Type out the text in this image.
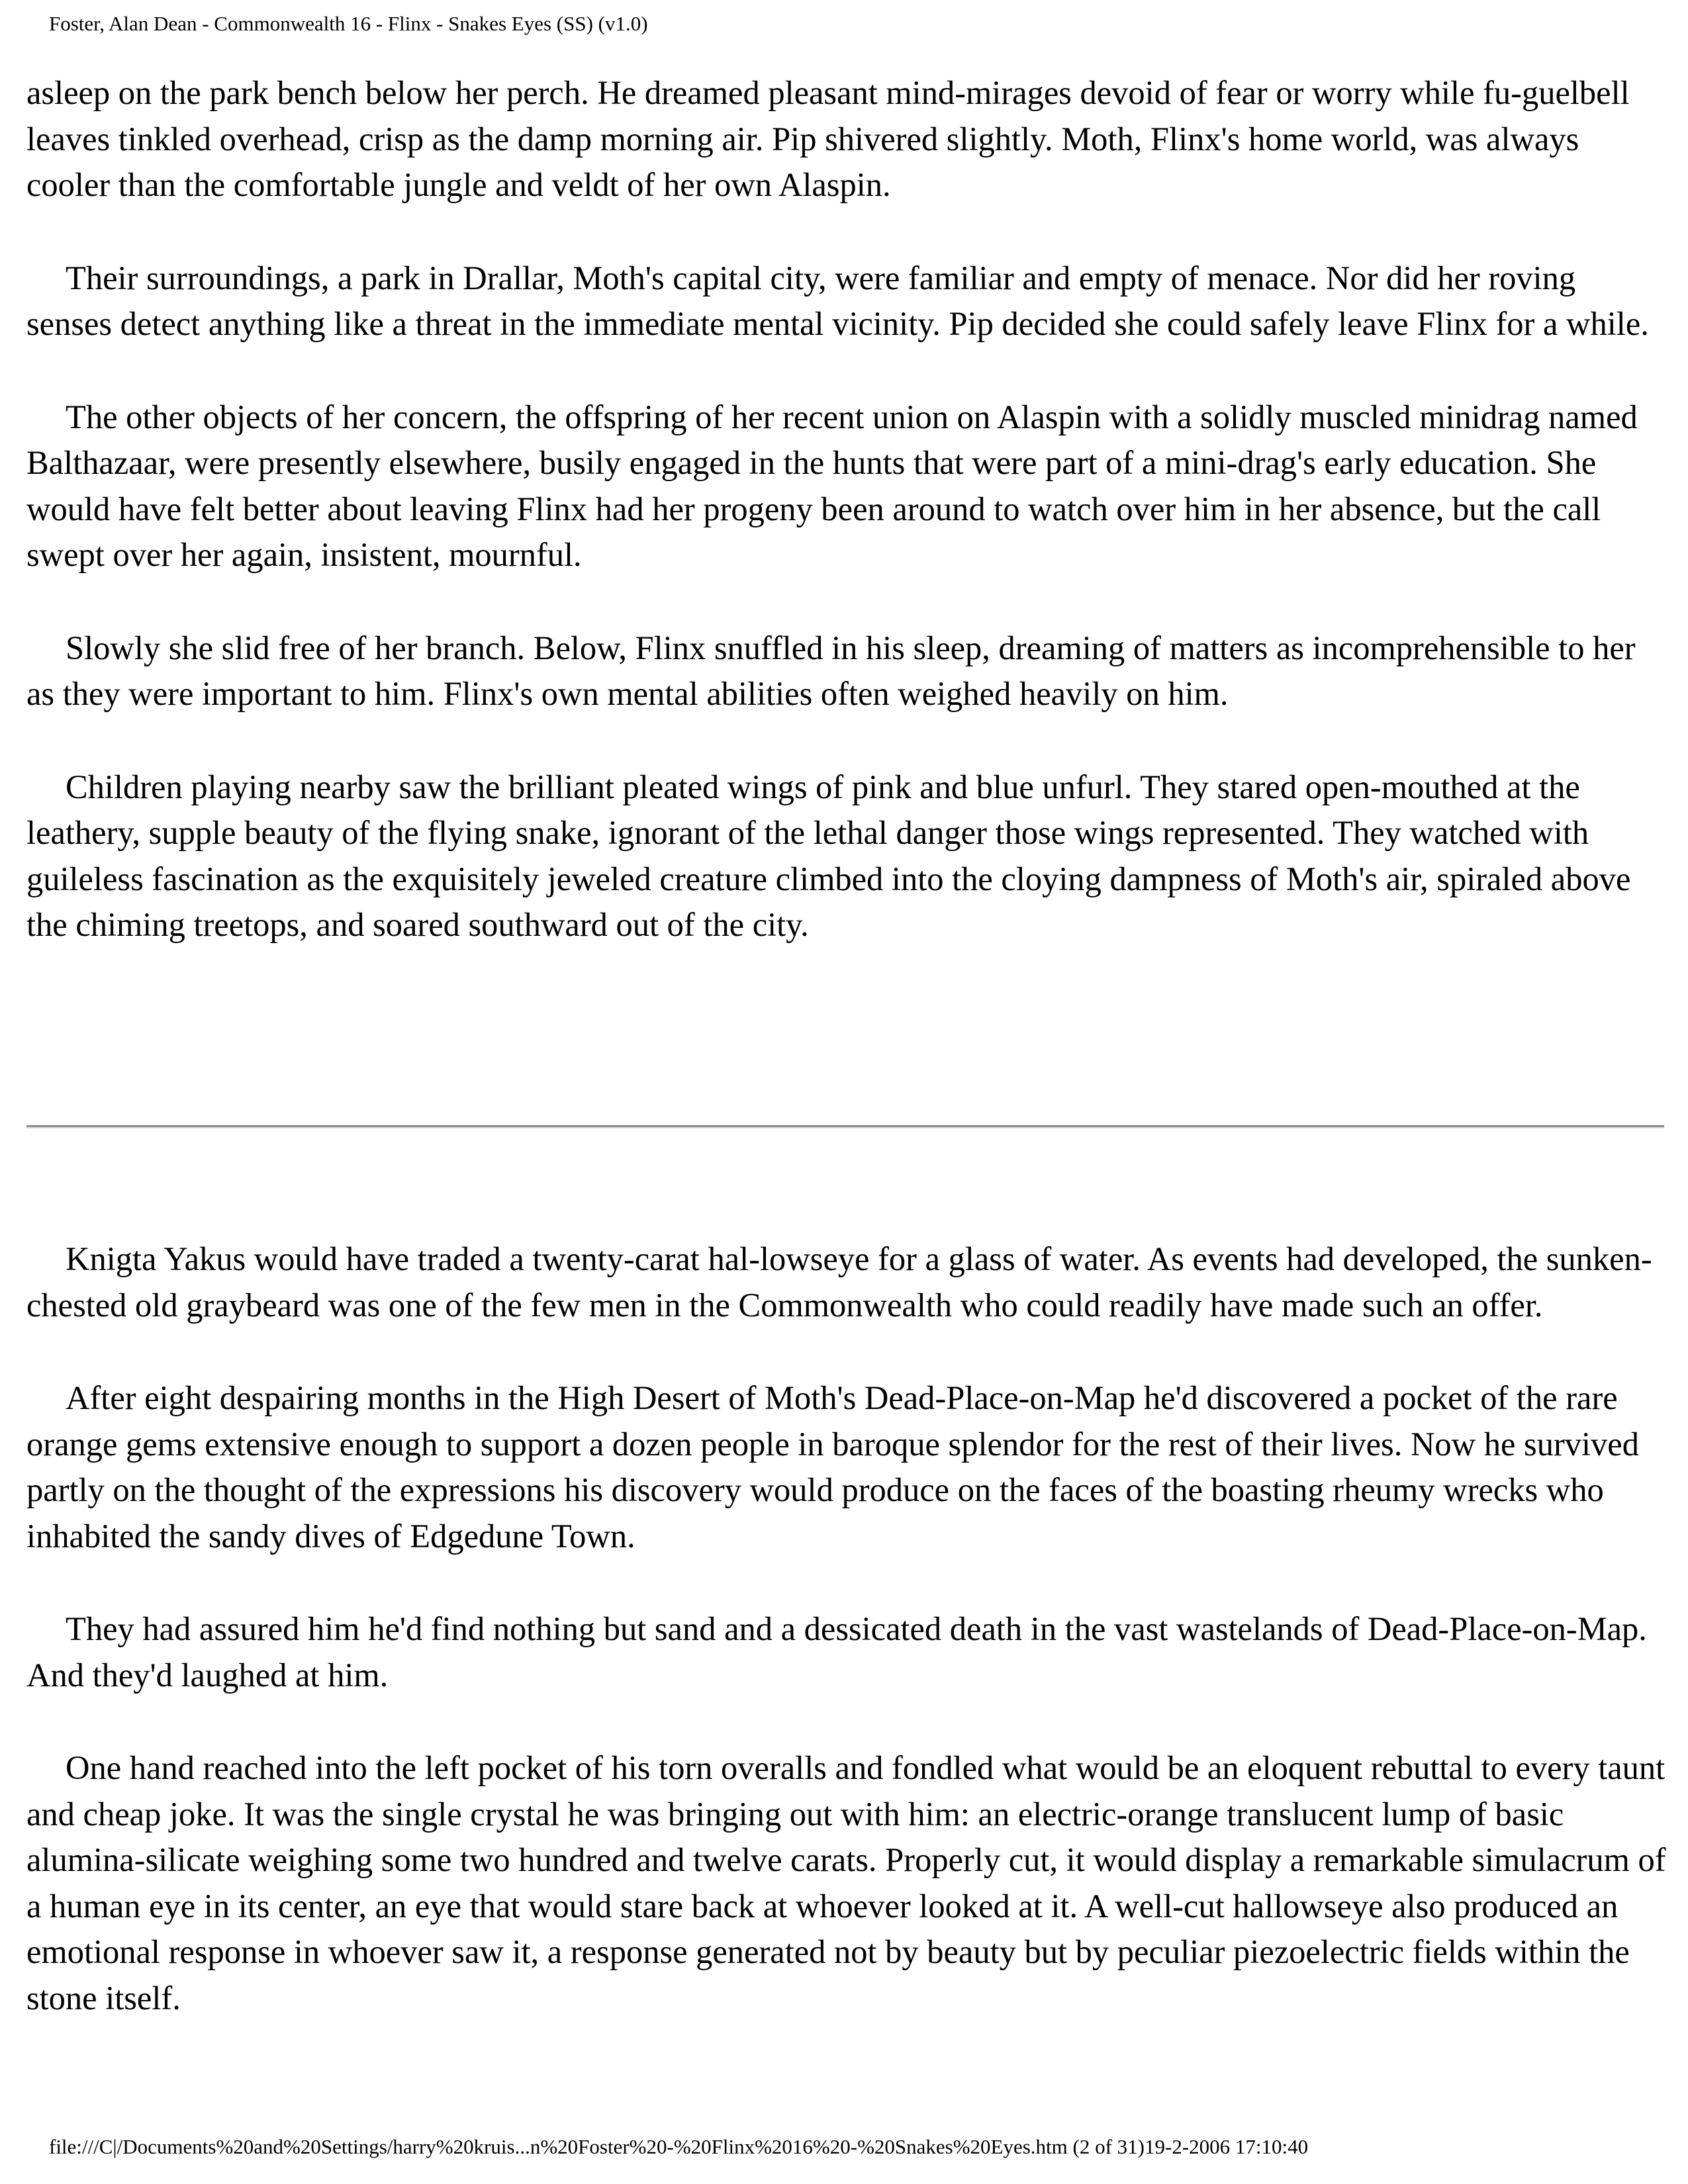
Foster, Alan Dean - Commonwealth 16 - Flinx - Snakes Eyes (SS) (v1.0)

asleep on the park bench below her perch. He dreamed pleasant mind-mirages devoid of fear or worry while fu-guelbell leaves tinkled overhead, crisp as the damp morning air. Pip shivered slightly. Moth, Flinx's home world, was always cooler than the comfortable jungle and veldt of her own Alaspin.

Their surroundings, a park in Drallar, Moth's capital city, were familiar and empty of menace. Nor did her roving senses detect anything like a threat in the immediate mental vicinity. Pip decided she could safely leave Flinx for a while.

The other objects of her concern, the offspring of her recent union on Alaspin with a solidly muscled minidrag named Balthazaar, were presently elsewhere, busily engaged in the hunts that were part of a mini-drag's early education. She would have felt better about leaving Flinx had her progeny been around to watch over him in her absence, but the call swept over her again, insistent, mournful.

Slowly she slid free of her branch. Below, Flinx snuffled in his sleep, dreaming of matters as incomprehensible to her as they were important to him. Flinx's own mental abilities often weighed heavily on him.

Children playing nearby saw the brilliant pleated wings of pink and blue unfurl. They stared open-mouthed at the leathery, supple beauty of the flying snake, ignorant of the lethal danger those wings represented. They watched with guileless fascination as the exquisitely jeweled creature climbed into the cloying dampness of Moth's air, spiraled above the chiming treetops, and soared southward out of the city.

Knigta Yakus would have traded a twenty-carat hal-lowseye for a glass of water. As events had developed, the sunken-chested old graybeard was one of the few men in the Commonwealth who could readily have made such an offer.

After eight despairing months in the High Desert of Moth's Dead-Place-on-Map he'd discovered a pocket of the rare orange gems extensive enough to support a dozen people in baroque splendor for the rest of their lives. Now he survived partly on the thought of the expressions his discovery would produce on the faces of the boasting rheumy wrecks who inhabited the sandy dives of Edgedune Town.

They had assured him he'd find nothing but sand and a dessicated death in the vast wastelands of Dead-Place-on-Map. And they'd laughed at him.

One hand reached into the left pocket of his torn overalls and fondled what would be an eloquent rebuttal to every taunt and cheap joke. It was the single crystal he was bringing out with him: an electric-orange translucent lump of basic alumina-silicate weighing some two hundred and twelve carats. Properly cut, it would display a remarkable simulacrum of a human eye in its center, an eye that would stare back at whoever looked at it. A well-cut hallowseye also produced an emotional response in whoever saw it, a response generated not by beauty but by peculiar piezoelectric fields within the stone itself.

file:///C|/Documents%20and%20Settings/harry%20kruis...n%20Foster%20-%20Flinx%2016%20-%20Snakes%20Eyes.htm (2 of 31)19-2-2006 17:10:40
